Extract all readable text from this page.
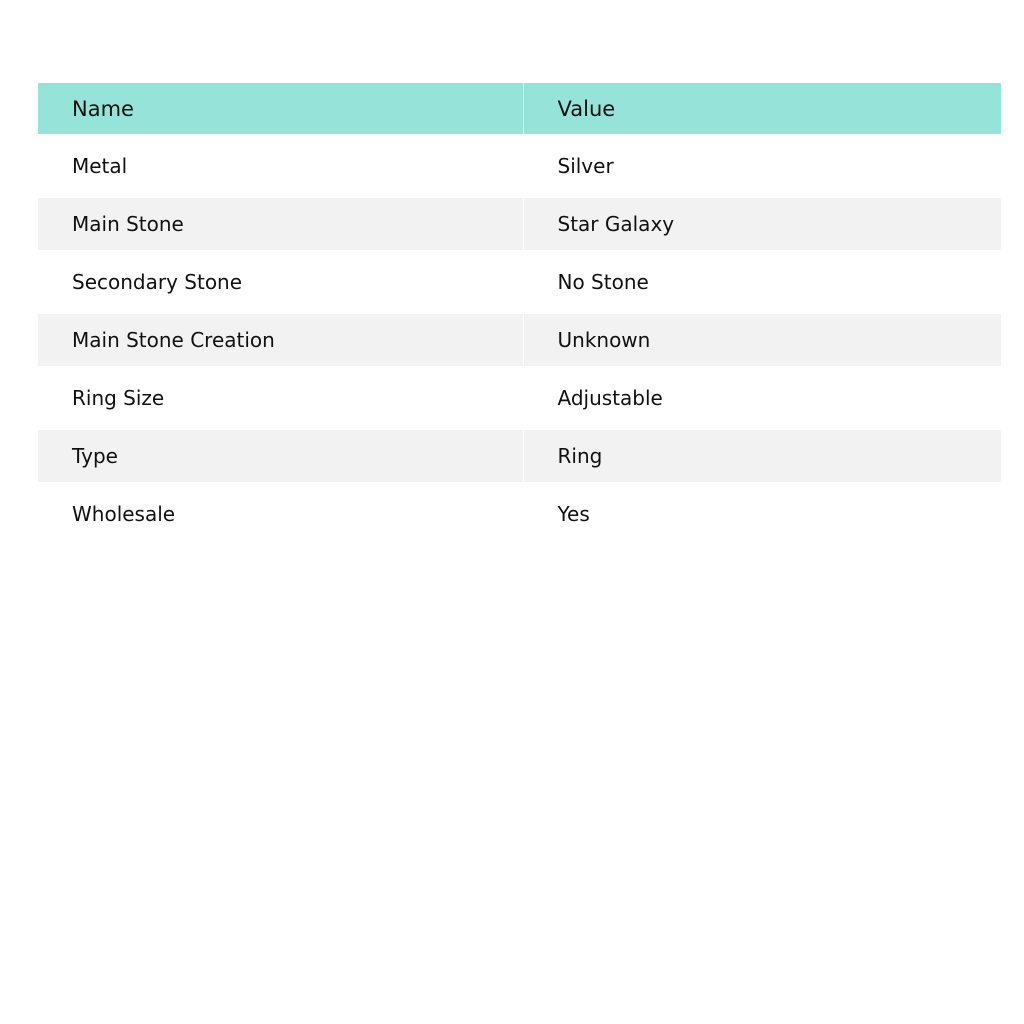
Name	Value
Metal	Silver
Main Stone	Star Galaxy
Secondary Stone	No Stone
Main Stone Creation	Unknown
Ring Size	Adjustable
Type	Ring
Wholesale	Yes
